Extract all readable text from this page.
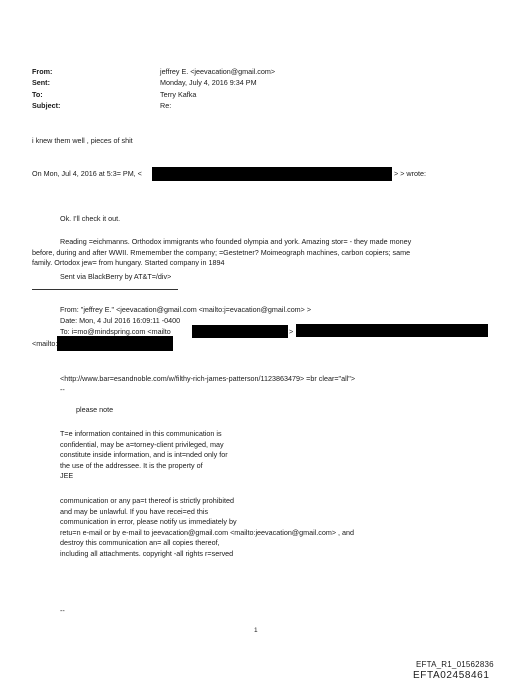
From:
Sent:
To:
Subject:
jeffrey E. <jeevacation@gmail.com>
Monday, July 4, 2016 9:34 PM
Terry Kafka
Re:
i knew them well , pieces of shit
On Mon, Jul 4, 2016 at 5:3= PM, <	> > wrote:
Ok. I'll check it out.
Reading =eichmanns. Orthodox immigrants who founded olympia and york. Amazing stor= - they made money
before, during and after WWII. Rmemember the company; =Gestetner? Moimeograph machines, carbon copiers; same
family. Ortodox jew= from hungary. Started company in 1894
Sent via BlackBerry by AT&T=/div>
From: "jeffrey E." <jeevacation@gmail.com <mailto:j=evacation@gmail.com> >
Date: Mon, 4 Jul 2016 16:09:11 -0400
To: i=mo@mindspring.com <mailto	>
<mailto:
<http://www.bar=esandnoble.com/w/filthy-rich-james-patterson/1123863479> =br clear="all">
--
please note
T=e information contained in this communication is
confidential, may be a=torney-client privileged, may
constitute inside information, and is int=nded only for
the use of the addressee. It is the property of
JEE
communication or any pa=t thereof is strictly prohibited
and may be unlawful. If you have recei=ed this
communication in error, please notify us immediately by
retu=n e-mail or by e-mail to jeevacation@gmail.com <mailto:jeevacation@gmail.com> , and
destroy this communication an= all copies thereof,
including all attachments. copyright -all rights r=served
--
1
EFTA_R1_01562836
EFTA02458461
